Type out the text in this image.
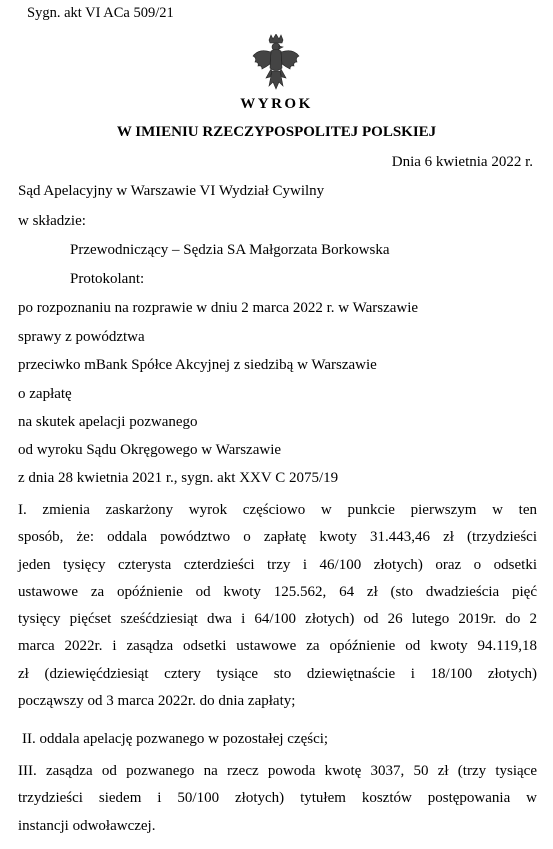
Sygn. akt VI ACa 509/21
WYROK
W IMIENIU RZECZYPOSPOLITEJ POLSKIEJ
Dnia 6 kwietnia 2022 r.
Sąd Apelacyjny w Warszawie VI Wydział Cywilny
w składzie:
Przewodniczący – Sędzia SA Małgorzata Borkowska
Protokolant:
po rozpoznaniu na rozprawie w dniu 2 marca 2022 r. w Warszawie
sprawy z powództwa
przeciwko mBank Spółce Akcyjnej z siedzibą w Warszawie
o zapłatę
na skutek apelacji pozwanego
od wyroku Sądu Okręgowego w Warszawie
z dnia 28 kwietnia 2021 r., sygn. akt XXV C 2075/19
I. zmienia zaskarżony wyrok częściowo w punkcie pierwszym w ten
sposób, że: oddala powództwo o zapłatę kwoty 31.443,46 zł (trzydzieści
jeden tysięcy czterysta czterdzieści trzy i 46/100 złotych) oraz o odsetki
ustawowe za opóźnienie od kwoty 125.562, 64 zł (sto dwadzieścia pięć
tysięcy pięćset sześćdziesiąt dwa i 64/100 złotych) od 26 lutego 2019r. do 2
marca 2022r. i zasądza odsetki ustawowe za opóźnienie od kwoty 94.119,18
zł (dziewięćdziesiąt cztery tysiące sto dziewiętnaście i 18/100 złotych)
począwszy od 3 marca 2022r. do dnia zapłaty;
II. oddala apelację pozwanego w pozostałej części;
III. zasądza od pozwanego na rzecz powoda kwotę 3037, 50 zł (trzy tysiące
trzydzieści siedem i 50/100 złotych) tytułem kosztów postępowania w
instancji odwoławczej.
